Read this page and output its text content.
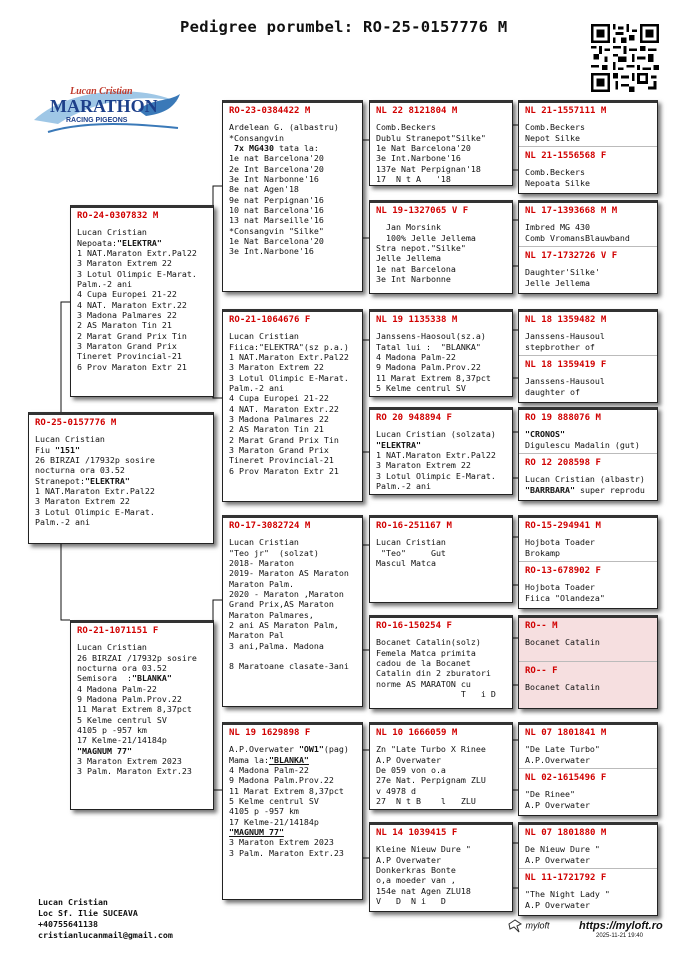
Pedigree porumbel: RO-25-0157776 M
Lucan Cristian
MARATHON
RACING PIGEONS
RO-25-0157776 M
Lucan Cristian
Fiu "151"
26 BIRZAI /17932p sosire
nocturna ora 03.52
Stranepot:"ELEKTRA"
1 NAT.Maraton Extr.Pal22
3 Maraton Extrem 22
3 Lotul Olimpic E-Marat.
Palm.-2 ani
RO-24-0307832 M
Lucan Cristian
Nepoata:"ELEKTRA"
1 NAT.Maraton Extr.Pal22
3 Maraton Extrem 22
3 Lotul Olimpic E-Marat.
Palm.-2 ani
4 Cupa Europei 21-22
4 NAT. Maraton Extr.22
3 Madona Palmares 22
2 AS Maraton Tin 21
2 Marat Grand Prix Tin
3 Maraton Grand Prix
Tineret Provincial-21
6 Prov Maraton Extr 21
RO-21-1071151 F
Lucan Cristian
26 BIRZAI /17932p sosire
nocturna ora 03.52
Semisora  :"BLANKA"
4 Madona Palm-22
9 Madona Palm.Prov.22
11 Marat Extrem 8,37pct
5 Kelme centrul SV
4105 p -957 km
17 Kelme-21/14184p
"MAGNUM 77"
3 Maraton Extrem 2023
3 Palm. Maraton Extr.23
RO-23-0384422 M
Ardelean G. (albastru)
*Consangvin
7x MG430 tata la:
1e nat Barcelona'20
2e Int Barcelona'20
3e Int Narbonne'16
8e nat Agen'18
9e nat Perpignan'16
10 nat Barcelona'16
13 nat Marseille'16
*Consangvin "Silke"
1e Nat Barcelona'20
3e Int.Narbone'16
RO-21-1064676 F
Lucan Cristian
Fiica:"ELEKTRA"(sz p.a.)
1 NAT.Maraton Extr.Pal22
3 Maraton Extrem 22
3 Lotul Olimpic E-Marat.
Palm.-2 ani
4 Cupa Europei 21-22
4 NAT. Maraton Extr.22
3 Madona Palmares 22
2 AS Maraton Tin 21
2 Marat Grand Prix Tin
3 Maraton Grand Prix
Tineret Provincial-21
6 Prov Maraton Extr 21
RO-17-3082724 M
Lucan Cristian
"Teo jr"  (solzat)
2018- Maraton
2019- Maraton AS Maraton
Maraton Palm.
2020 - Maraton ,Maraton
Grand Prix,AS Maraton
Maraton Palmares,
2 ani AS Maraton Palm,
Maraton Pal
3 ani,Palma. Madona
8 Maratoane clasate-3ani
NL 19 1629898 F
A.P.Overwater "OW1"(pag)
Mama la:"BLANKA"
4 Madona Palm-22
9 Madona Palm.Prov.22
11 Marat Extrem 8,37pct
5 Kelme centrul SV
4105 p -957 km
17 Kelme-21/14184p
"MAGNUM 77"
3 Maraton Extrem 2023
3 Palm. Maraton Extr.23
NL 22 8121804 M
Comb.Beckers
Dublu Stranepot"Silke"
1e Nat Barcelona'20
3e Int.Narbone'16
137e Nat Perpignan'18
17  N t A   '18
NL 19-1327065 V F
Jan Morsink
100% Jelle Jellema
Stra nepot."Silke"
Jelle Jellema
1e nat Barcelona
3e Int Narbonne
NL 19 1135338 M
Janssens-Haosoul(sz.a)
Tatal lui :  "BLANKA"
4 Madona Palm-22
9 Madona Palm.Prov.22
11 Marat Extrem 8,37pct
5 Kelme centrul SV
RO 20 948894 F
Lucan Cristian (solzata)
"ELEKTRA"
1 NAT.Maraton Extr.Pal22
3 Maraton Extrem 22
3 Lotul Olimpic E-Marat.
Palm.-2 ani
RO-16-251167 M
Lucan Cristian
"Teo"     Gut
Mascul Matca
RO-16-150254 F
Bocanet Catalin(solz)
Femela Matca primita
cadou de la Bocanet
Catalin din 2 zburatori
norme AS MARATON cu
T   i D
NL 10 1666059 M
Zn "Late Turbo X Rinee
A.P Overwater
De 059 von o.a
27e Nat. Perpignam ZLU
v 4978 d
27  N t B    l   ZLU
NL 14 1039415 F
Kleine Nieuw Dure "
A.P Overwater
Donkerkras Bonte
o,a moeder van ,
154e nat Agen ZLU18
V   D  N i   D
NL 21-1557111 M
Comb.Beckers
Nepot Silke
NL 21-1556568 F
Comb.Beckers
Nepoata Silke
NL 17-1393668 M M
Imbred MG 430
Comb VromansBlauwband
NL 17-1732726 V F
Daughter'Silke'
Jelle Jellema
NL 18 1359482 M
Janssens-Hausoul
stepbrother of
NL 18 1359419 F
Janssens-Hausoul
daughter of
RO 19 888076 M
"CRONOS"
Digulescu Madalin (gut)
RO 12 208598 F
Lucan Cristian (albastr)
"BARRBARA" super reprodu
RO-15-294941 M
Hojbota Toader
Brokamp
RO-13-678902 F
Hojbota Toader
Fiica "Olandeza"
RO-- M
Bocanet Catalin
RO-- F
Bocanet Catalin
NL 07 1801841 M
"De Late Turbo"
A.P.Overwater
NL 02-1615496 F
"De Rinee"
A.P Overwater
NL 07 1801880 M
De Nieuw Dure "
A.P Overwater
NL 11-1721792 F
"The Night Lady "
A.P Overwater
Lucan Cristian
Loc Sf. Ilie SUCEAVA
+40755641138
cristianlucanmail@gmail.com
myloft	https://myloft.ro
2025-11-21 19:40
